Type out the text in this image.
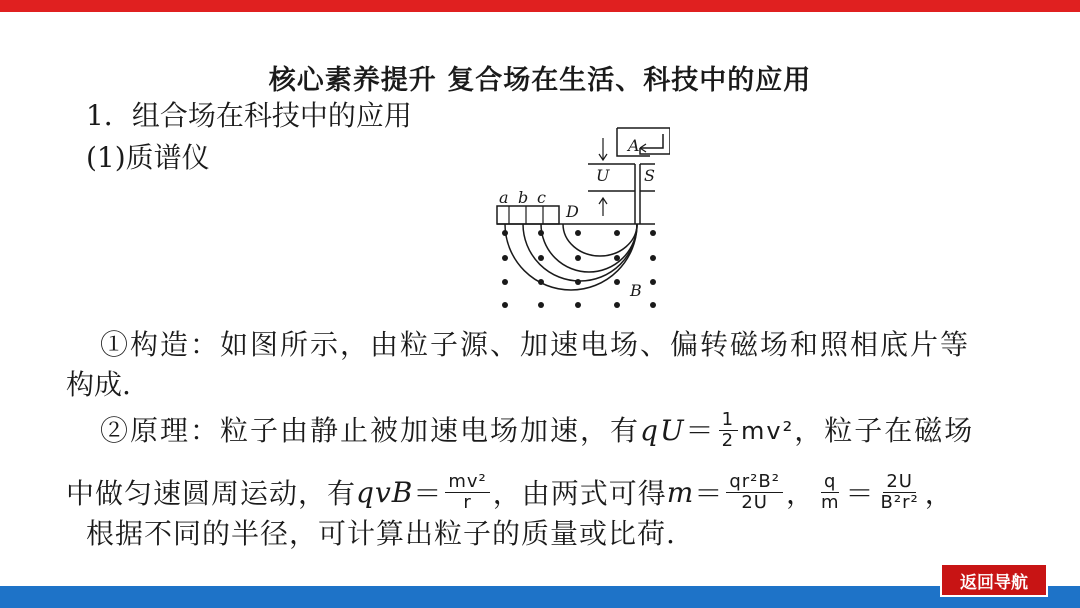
核心素养提升 复合场在生活、科技中的应用
1．组合场在科技中的应用
(1)质谱仪	A
U S
a b c
D
B
①构造：如图所示，由粒子源、加速电场、偏转磁场和照相底片等
构成.
②原理：粒子由静止被加速电场加速，有 qU ＝ $\frac{1}{2} mv^2$ ，粒子在磁场
中做匀速圆周运动，有 qvB ＝ $\frac{\text{mv²}}{r}$ ，由两式可得 $m = \frac{\text{qr²B²}}{2U}$ ， $\frac{q}{m} = \frac{2U}{\text{B²r²}}$ ，
根据不同的半径，可计算出粒子的质量或比荷.
返回导航
